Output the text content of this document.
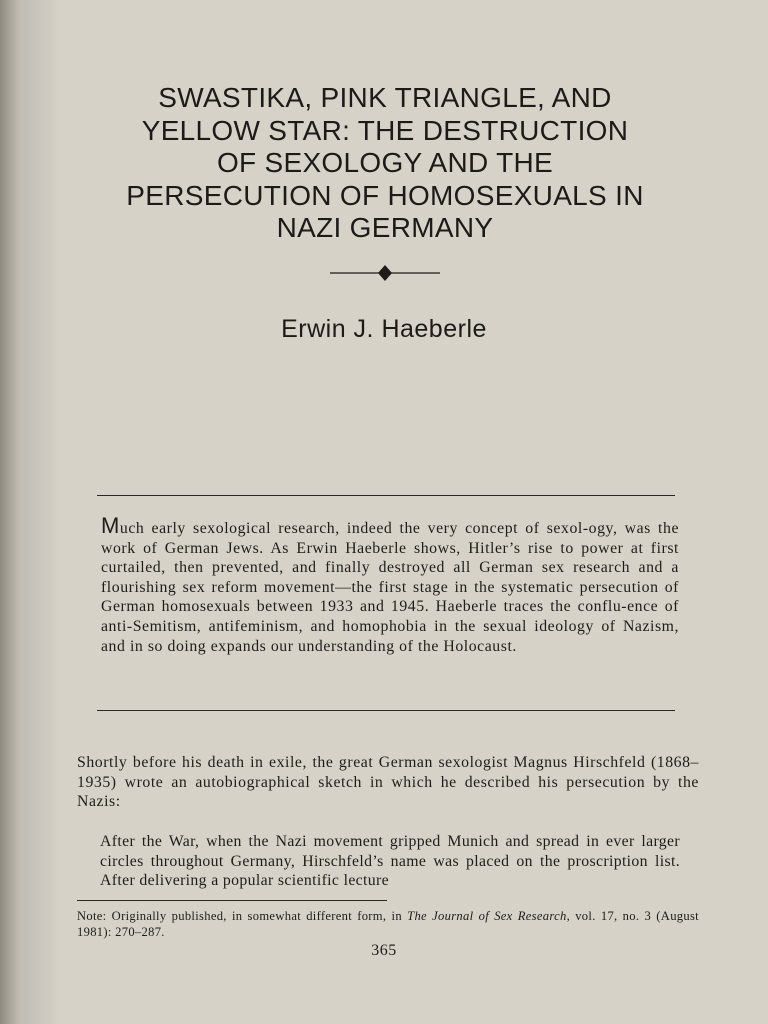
SWASTIKA, PINK TRIANGLE, AND
YELLOW STAR: THE DESTRUCTION
OF SEXOLOGY AND THE
PERSECUTION OF HOMOSEXUALS IN
NAZI GERMANY
Erwin J. Haeberle
Much early sexological research, indeed the very concept of sexol-ogy, was the work of German Jews. As Erwin Haeberle shows, Hitler’s rise to power at first curtailed, then prevented, and finally destroyed all German sex research and a flourishing sex reform movement—the first stage in the systematic persecution of German homosexuals between 1933 and 1945. Haeberle traces the conflu-ence of anti-Semitism, antifeminism, and homophobia in the sexual ideology of Nazism, and in so doing expands our understanding of the Holocaust.
Shortly before his death in exile, the great German sexologist Magnus Hirschfeld (1868–1935) wrote an autobiographical sketch in which he described his persecution by the Nazis:
After the War, when the Nazi movement gripped Munich and spread in ever larger circles throughout Germany, Hirschfeld’s name was placed on the proscription list. After delivering a popular scientific lecture
Note: Originally published, in somewhat different form, in The Journal of Sex Research, vol. 17, no. 3 (August 1981): 270–287.
365
